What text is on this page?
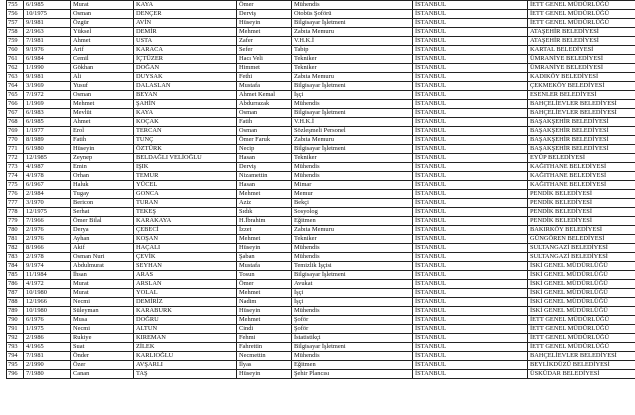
755	6/1985	Murat	KAYA	Ömer	Mühendis	İSTANBUL	İETT GENEL MÜDÜRLÜĞÜ
756	10/1975	Osman	DENÇER	Derviş	Otobüs Şoförü	İSTANBUL	İETT GENEL MÜDÜRLÜĞÜ
757	9/1981	Özgür	AVİN	Hüseyin	Bilgisayar İşletmeni	İSTANBUL	İETT GENEL MÜDÜRLÜĞÜ
758	2/1963	Yüksel	DEMİR	Mehmet	Zabıta Memuru	İSTANBUL	ATAŞEHİR BELEDİYESİ
759	7/1981	Ahmet	USTA	Zafer	V.H.K.İ	İSTANBUL	ATAŞEHİR BELEDİYESİ
760	9/1976	Arif	KARACA	Sefer	Tabip	İSTANBUL	KARTAL BELEDİYESİ
761	6/1984	Cemil	İÇTÜZER	Hacı Veli	Tekniker	İSTANBUL	ÜMRANİYE BELEDİYESİ
762	1/1990	Gökhan	DOĞAN	Himmet	Tekniker	İSTANBUL	ÜMRANİYE BELEDİYESİ
763	9/1981	Ali	DUYSAK	Fethi	Zabıta Memuru	İSTANBUL	KADIKÖY BELEDİYESİ
764	3/1969	Yusuf	DALASLAN	Mustafa	Bilgisayar İşletmeni	İSTANBUL	ÇEKMEKÖY BELEDİYESİ
765	7/1972	Osman	BEYAN	Ahmet Kemal	İşçi	İSTANBUL	ESENLER BELEDİYESİ
766	1/1969	Mehmet	ŞAHİN	Abdurrazak	Mühendis	İSTANBUL	BAHÇELİEVLER BELEDİYESİ
767	6/1983	Mevlüt	KAYA	Osman	Bilgisayar İşletmeni	İSTANBUL	BAHÇELİEVLER BELEDİYESİ
768	6/1985	Ahmet	KOÇAK	Fatih	V.H.K.İ	İSTANBUL	BAŞAKŞEHİR BELEDİYESİ
769	1/1977	Erol	TERCAN	Osman	Sözleşmeli Personel	İSTANBUL	BAŞAKŞEHİR BELEDİYESİ
770	8/1989	Fatih	TUNÇ	Ömer Faruk	Zabıta Memuru	İSTANBUL	BAŞAKŞEHİR BELEDİYESİ
771	6/1980	Hüseyin	ÖZTÜRK	Necip	Bilgisayar İşletmeni	İSTANBUL	BAŞAKŞEHİR BELEDİYESİ
772	12/1985	Zeynep	BELDAĞLI VELİOĞLU	Hasan	Tekniker	İSTANBUL	EYÜP BELEDİYESİ
773	4/1987	Emin	IŞIK	Derviş	Mühendis	İSTANBUL	KAĞITHANE BELEDİYESİ
774	4/1978	Orhan	TEMUR	Nizamettin	Mühendis	İSTANBUL	KAĞITHANE BELEDİYESİ
775	6/1967	Haluk	YÜCEL	Hasan	Mimar	İSTANBUL	KAĞITHANE BELEDİYESİ
776	2/1984	Tugay	GONCA	Mehmet	Memur	İSTANBUL	PENDİK BELEDİYESİ
777	3/1970	Bericon	TURAN	Aziz	Bekçi	İSTANBUL	PENDİK BELEDİYESİ
778	12/1975	Serhat	TEKEŞ	Sıdık	Sosyolog	İSTANBUL	PENDİK BELEDİYESİ
779	7/1966	Ömer Bilal	KARAKAYA	H.İbrahim	Eğitmen	İSTANBUL	PENDİK BELEDİYESİ
780	2/1976	Derya	ÇEBECİ	İzzet	Zabıta Memuru	İSTANBUL	BAKIRKÖY BELEDİYESİ
781	2/1976	Ayhan	KOŞAN	Mehmet	Tekniker	İSTANBUL	GÜNGÖREN BELEDİYESİ
782	8/1966	Akif	HAÇALI	Hüseyin	Mühendis	İSTANBUL	SULTANGAZİ BELEDİYESİ
783	2/1978	Osman Nuri	ÇEVİK	Şaban	Mühendis	İSTANBUL	SULTANGAZİ BELEDİYESİ
784	9/1974	Abdulmurat	SEYHAN	Mustafa	Temizlik İşçisi	İSTANBUL	İSKİ GENEL MÜDÜRLÜĞÜ
785	11/1984	İhsan	ARAS	Tosun	Bilgisayar İşletmeni	İSTANBUL	İSKİ GENEL MÜDÜRLÜĞÜ
786	4/1972	Murat	ARSLAN	Ömer	Avukat	İSTANBUL	İSKİ GENEL MÜDÜRLÜĞÜ
787	10/1980	Murat	YOLAL	Mehmet	İşçi	İSTANBUL	İSKİ GENEL MÜDÜRLÜĞÜ
788	12/1966	Necmi	DEMİRİZ	Nadim	İşçi	İSTANBUL	İSKİ GENEL MÜDÜRLÜĞÜ
789	10/1980	Süleyman	KARABURK	Hüseyin	Mühendis	İSTANBUL	İSKİ GENEL MÜDÜRLÜĞÜ
790	6/1976	Musa	DOĞRU	Mehmet	Şoför	İSTANBUL	İETT GENEL MÜDÜRLÜĞÜ
791	1/1975	Necmi	ALTUN	Cindi	Şoför	İSTANBUL	İETT GENEL MÜDÜRLÜĞÜ
792	2/1986	Rukiye	KIREMAN	Fehmi	İstatistikçi	İSTANBUL	İETT GENEL MÜDÜRLÜĞÜ
793	4/1965	Suat	ZİLEK	Fahrettin	Bilgisayar İşletmeni	İSTANBUL	İETT GENEL MÜDÜRLÜĞÜ
794	7/1981	Önder	KARLIOĞLU	Necmettin	Mühendis	İSTANBUL	BAHÇELİEVLER BELEDİYESİ
795	2/1990	Özer	AVŞARLI	İlyas	Eğitmen	İSTANBUL	BEYLİKDÜZÜ BELEDİYESİ
796	7/1980	Canan	TAŞ	Hüseyin	Şehir Plancısı	İSTANBUL	ÜSKÜDAR BELEDİYESİ
